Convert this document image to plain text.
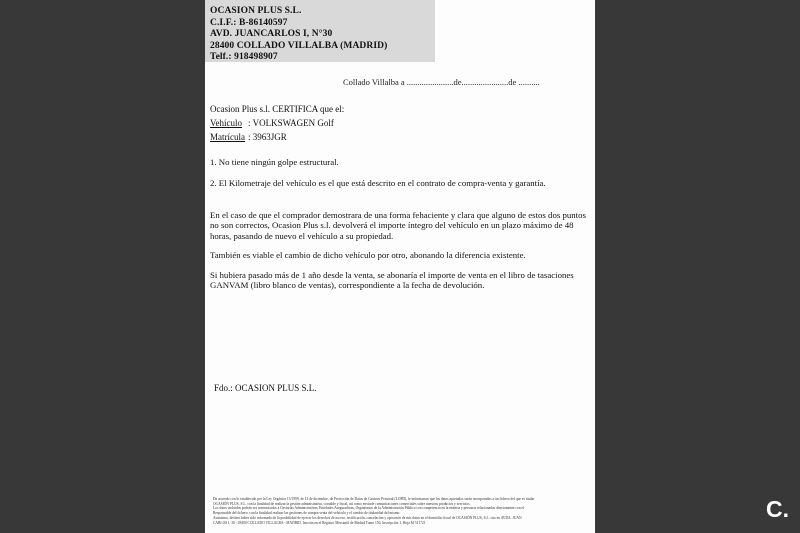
OCASION PLUS S.L.
C.I.F.: B-86140597
AVD. JUANCARLOS I, N°30
28400 COLLADO VILLALBA (MADRID)
Telf.: 918498907
Collado Villalba a ......................de......................de ..........
Ocasion Plus s.l. CERTIFICA que el:
Vehículo : VOLKSWAGEN Golf
Matrícula : 3963JGR
1. No tiene ningún golpe estructural.
2. El Kilometraje del vehículo es el que está descrito en el contrato de compra-venta y garantía.
En el caso de que el comprador demostrara de una forma fehaciente y clara que alguno de estos dos puntos no son correctos, Ocasion Plus s.l. devolverá el importe íntegro del vehículo en un plazo máximo de 48 horas, pasando de nuevo el vehículo a su propiedad.
También es viable el cambio de dicho vehículo por otro, abonando la diferencia existente.
Si hubiera pasado más de 1 año desde la venta, se abonaría el importe de venta en el libro de tasaciones GANVAM (libro blanco de ventas), correspondiente a la fecha de devolución.
Fdo.: OCASION PLUS S.L.
De acuerdo con lo establecido por la Ley Orgánica 15/1999, de 13 de diciembre, de Protección de Datos de Carácter Personal (LOPD), le informamos que los datos aportados serán incorporados a un fichero del que es titular
OCASIÓN PLUS, S.L. con la finalidad de realizar la gestión administrativa, contable y fiscal, así como enviarle comunicaciones comerciales sobre nuestros productos y servicios.
Los datos incluidos podrán ser comunicados a Gestorías Administrativas, Entidades Aseguradoras, Organismos de la Administración Pública con competencia en la materia y personas relacionadas directamente con el
Responsable del fichero, con la finalidad realizar las gestiones de compra venta del vehículo y el cambio de titularidad del mismo.
Asimismo, declaro haber sido informado de la posibilidad de ejercer los derechos de acceso, rectificación, cancelación y oposición de mis datos en el domicilio fiscal de OCASIÓN PLUS, S.L. sito en AVDA. JUAN
CARLOS I, 30 - 28400 COLLADO VILLALBA - MADRID. Inscrita en el Registro Mercantil de Madrid Tomo 150, Inscripción 1, Hoja M 511721
C.
